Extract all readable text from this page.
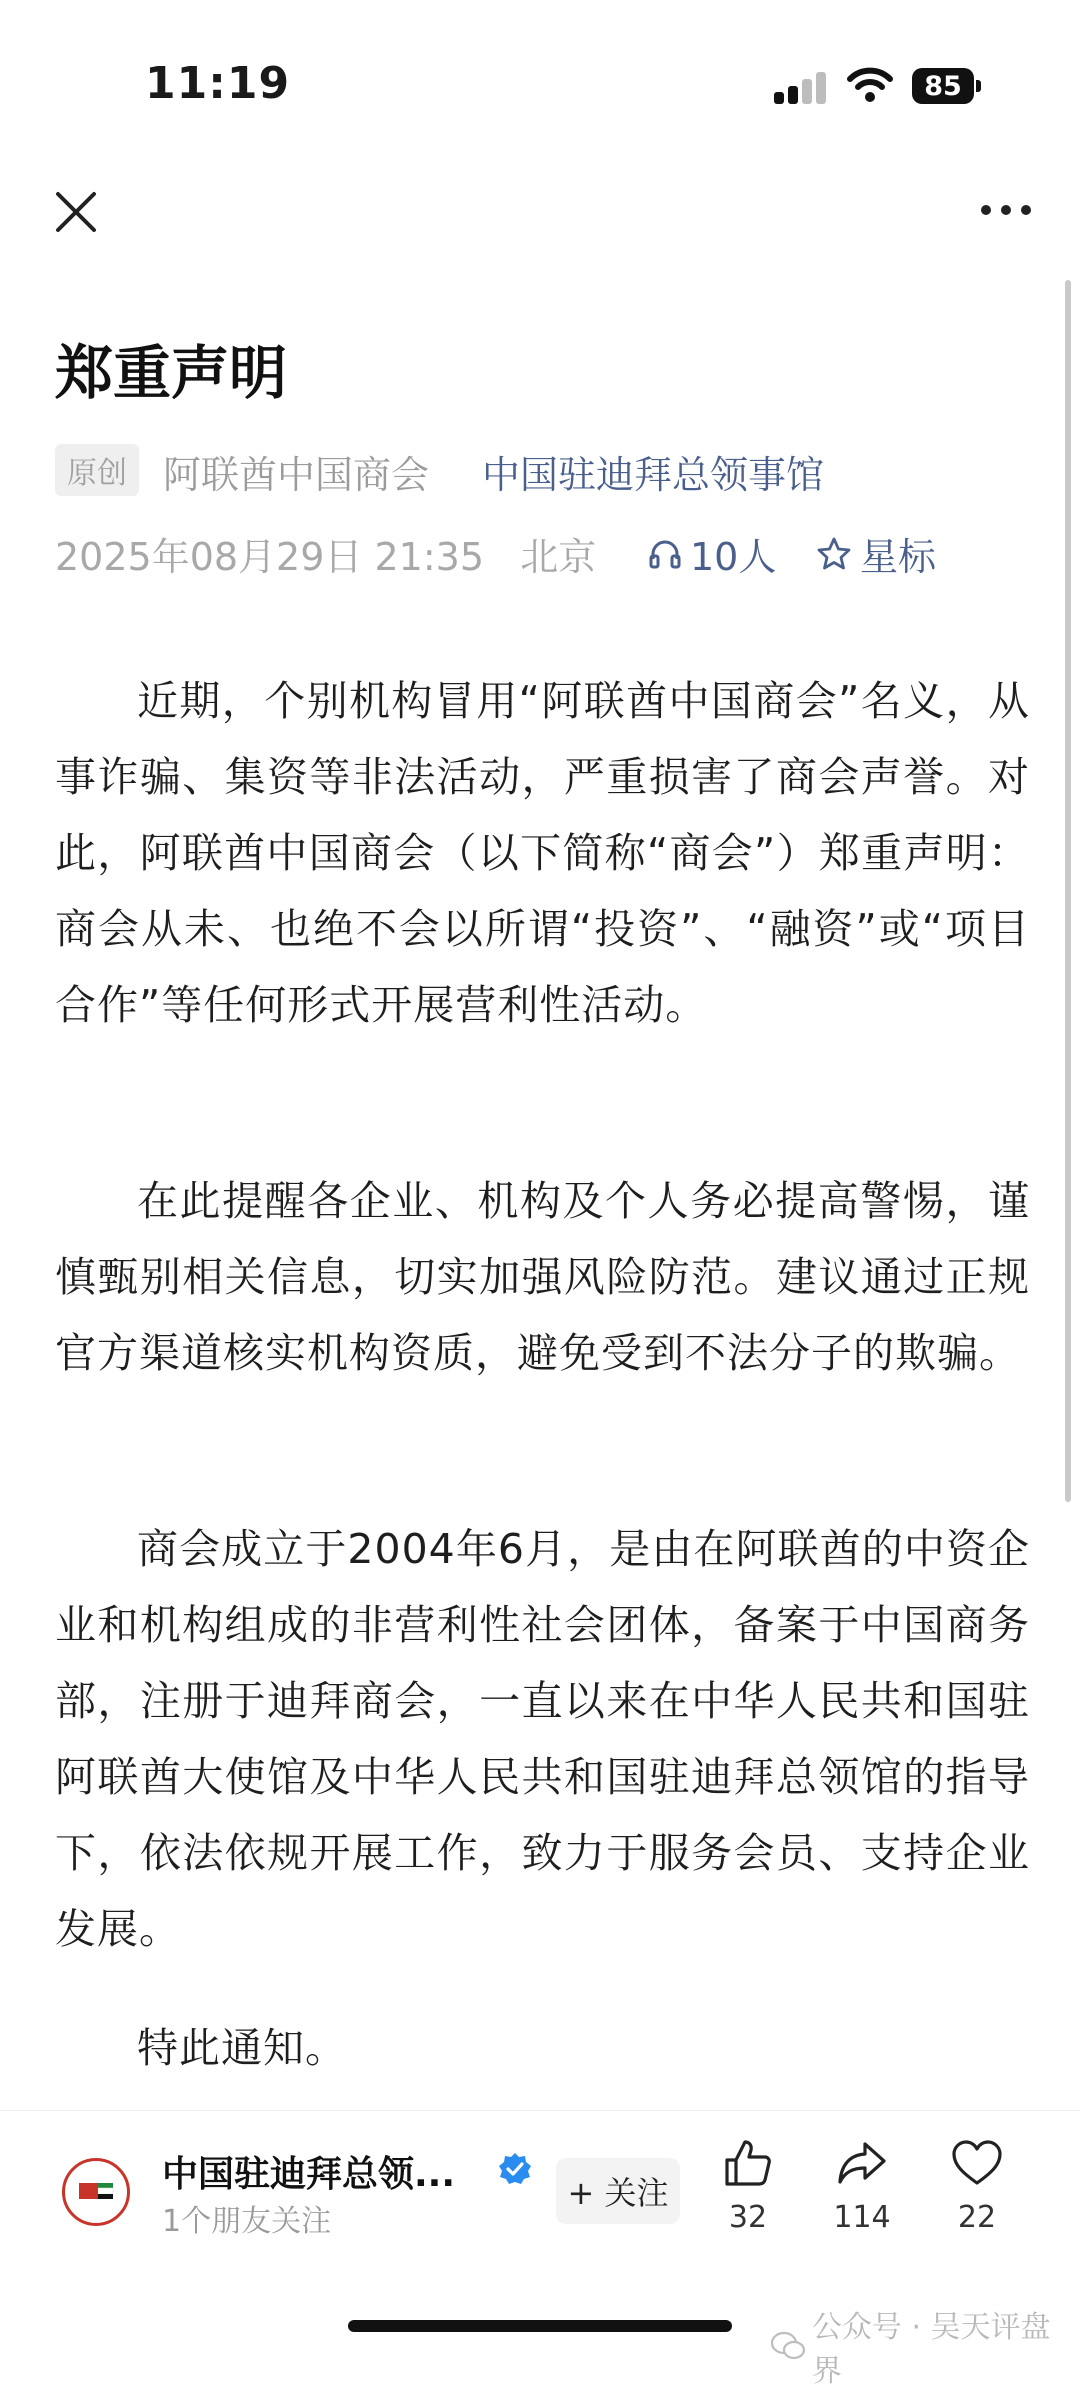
11:19	85
郑重声明
原创 阿联酋中国商会 中国驻迪拜总领事馆
2025年08月29日 21:35 北京 10人 星标

近期，个别机构冒用“阿联酋中国商会”名义，从事诈骗、集资等非法活动，严重损害了商会声誉。对此，阿联酋中国商会（以下简称“商会”）郑重声明：商会从未、也绝不会以所谓“投资”、“融资”或“项目合作”等任何形式开展营利性活动。

在此提醒各企业、机构及个人务必提高警惕，谨慎甄别相关信息，切实加强风险防范。建议通过正规官方渠道核实机构资质，避免受到不法分子的欺骗。

商会成立于2004年6月，是由在阿联酋的中资企业和机构组成的非营利性社会团体，备案于中国商务部，注册于迪拜商会，一直以来在中华人民共和国驻阿联酋大使馆及中华人民共和国驻迪拜总领馆的指导下，依法依规开展工作，致力于服务会员、支持企业发展。

特此通知。

中国驻迪拜总领...
1个朋友关注
+ 关注
32	114	22
公众号 · 吴天评盘界
